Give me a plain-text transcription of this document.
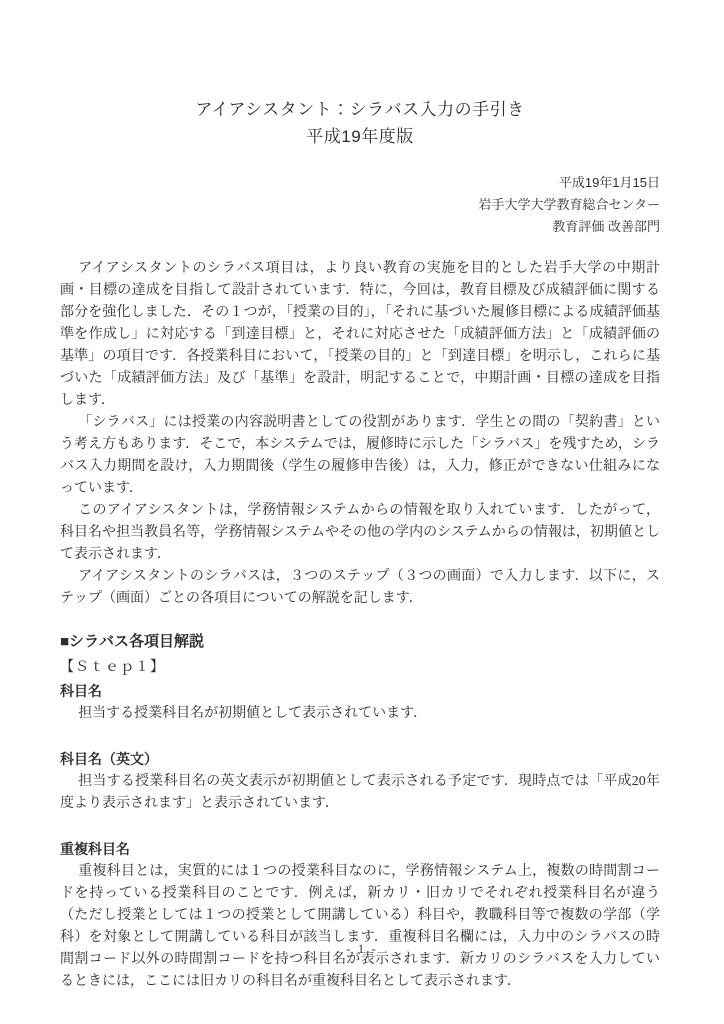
アイアシスタント：シラバス入力の手引き
平成19年度版
平成19年1月15日
岩手大学大学教育総合センター
教育評価 改善部門

アイアシスタントのシラバス項目は，より良い教育の実施を目的とした岩手大学の中期計画・目標の達成を目指して設計されています．特に，今回は，教育目標及び成績評価に関する部分を強化しました．その１つが，「授業の目的」，「それに基づいた履修目標による成績評価基準を作成し」に対応する「到達目標」と，それに対応させた「成績評価方法」と「成績評価の基準」の項目です．各授業科目において，「授業の目的」と「到達目標」を明示し，これらに基づいた「成績評価方法」及び「基準」を設計，明記することで，中期計画・目標の達成を目指します．

「シラバス」には授業の内容説明書としての役割があります．学生との間の「契約書」という考え方もあります．そこで，本システムでは，履修時に示した「シラバス」を残すため，シラバス入力期間を設け，入力期間後（学生の履修申告後）は，入力，修正ができない仕組みになっています．

このアイアシスタントは，学務情報システムからの情報を取り入れています．したがって，科目名や担当教員名等，学務情報システムやその他の学内のシステムからの情報は，初期値として表示されます．

アイアシスタントのシラバスは，３つのステップ（３つの画面）で入力します．以下に，ステップ（画面）ごとの各項目についての解説を記します．

■シラバス各項目解説
【Ｓｔｅｐ１】
科目名

担当する授業科目名が初期値として表示されています．

科目名（英文）

担当する授業科目名の英文表示が初期値として表示される予定です．現時点では「平成20年度より表示されます」と表示されています．

重複科目名

重複科目とは，実質的には１つの授業科目なのに，学務情報システム上，複数の時間割コードを持っている授業科目のことです．例えば，新カリ・旧カリでそれぞれ授業科目名が違う（ただし授業としては１つの授業として開講している）科目や，教職科目等で複数の学部（学科）を対象として開講している科目が該当します．重複科目名欄には，入力中のシラバスの時間割コード以外の時間割コードを持つ科目名が表示されます．新カリのシラバスを入力しているときには，ここには旧カリの科目名が重複科目名として表示されます．

- 1 -
